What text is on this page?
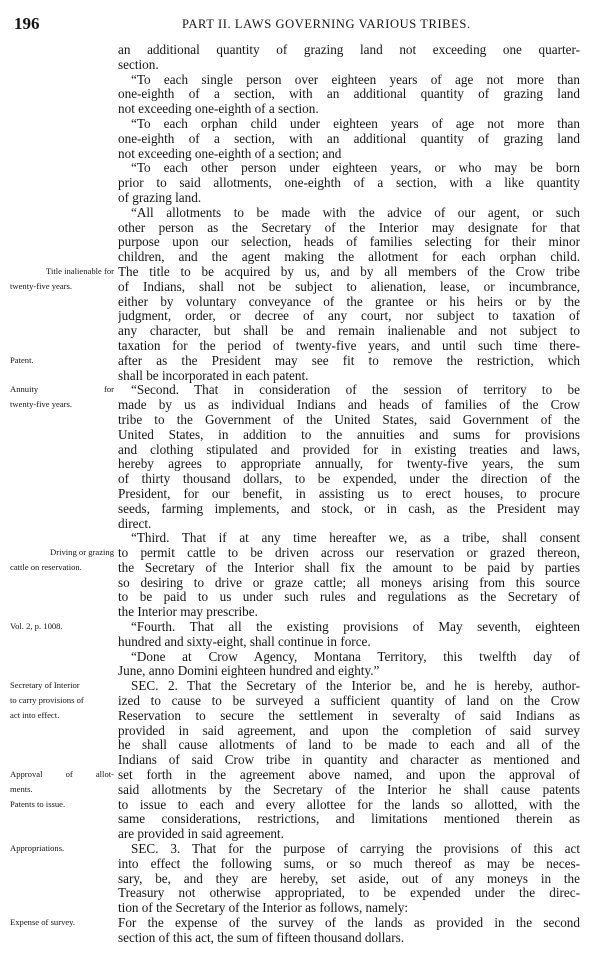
196	PART II. LAWS GOVERNING VARIOUS TRIBES.
an additional quantity of grazing land not exceeding one quarter-
section.
“To each single person over eighteen years of age not more than
one-eighth of a section, with an additional quantity of grazing land
not exceeding one-eighth of a section.
“To each orphan child under eighteen years of age not more than
one-eighth of a section, with an additional quantity of grazing land
not exceeding one-eighth of a section; and
“To each other person under eighteen years, or who may be born
prior to said allotments, one-eighth of a section, with a like quantity
of grazing land.
“All allotments to be made with the advice of our agent, or such
other person as the Secretary of the Interior may designate for that
purpose upon our selection, heads of families selecting for their minor
children, and the agent making the allotment for each orphan child.
The title to be acquired by us, and by all members of the Crow tribe
Title inalienable for
of Indians, shall not be subject to alienation, lease, or incumbrance,
twenty-five years.
either by voluntary conveyance of the grantee or his heirs or by the
judgment, order, or decree of any court, nor subject to taxation of
any character, but shall be and remain inalienable and not subject to
taxation for the period of twenty-five years, and until such time there-
after as the President may see fit to remove the restriction, which
Patent.
shall be incorporated in each patent.
“Second. That in consideration of the session of territory to be
Annuity for
made by us as individual Indians and heads of families of the Crow
twenty-five years.
tribe to the Government of the United States, said Government of the
United States, in addition to the annuities and sums for provisions
and clothing stipulated and provided for in existing treaties and laws,
hereby agrees to appropriate annually, for twenty-five years, the sum
of thirty thousand dollars, to be expended, under the direction of the
President, for our benefit, in assisting us to erect houses, to procure
seeds, farming implements, and stock, or in cash, as the President may
direct.
“Third. That if at any time hereafter we, as a tribe, shall consent
to permit cattle to be driven across our reservation or grazed thereon,
Driving or grazing
the Secretary of the Interior shall fix the amount to be paid by parties
cattle on reservation.
so desiring to drive or graze cattle; all moneys arising from this source
to be paid to us under such rules and regulations as the Secretary of
the Interior may prescribe.
“Fourth. That all the existing provisions of May seventh, eighteen
Vol. 2, p. 1008.
hundred and sixty-eight, shall continue in force.
“Done at Crow Agency, Montana Territory, this twelfth day of
June, anno Domini eighteen hundred and eighty.”
SEC. 2. That the Secretary of the Interior be, and he is hereby, author-
Secretary of Interior
ized to cause to be surveyed a sufficient quantity of land on the Crow
to carry provisions of
Reservation to secure the settlement in severalty of said Indians as
act into effect.
provided in said agreement, and upon the completion of said survey
he shall cause allotments of land to be made to each and all of the
Indians of said Crow tribe in quantity and character as mentioned and
set forth in the agreement above named, and upon the approval of
Approval of allot-
said allotments by the Secretary of the Interior he shall cause patents
ments.
to issue to each and every allottee for the lands so allotted, with the
Patents to issue.
same considerations, restrictions, and limitations mentioned therein as
are provided in said agreement.
SEC. 3. That for the purpose of carrying the provisions of this act
Appropriations.
into effect the following sums, or so much thereof as may be neces-
sary, be, and they are hereby, set aside, out of any moneys in the
Treasury not otherwise appropriated, to be expended under the direc-
tion of the Secretary of the Interior as follows, namely:
For the expense of the survey of the lands as provided in the second
Expense of survey.
section of this act, the sum of fifteen thousand dollars.
